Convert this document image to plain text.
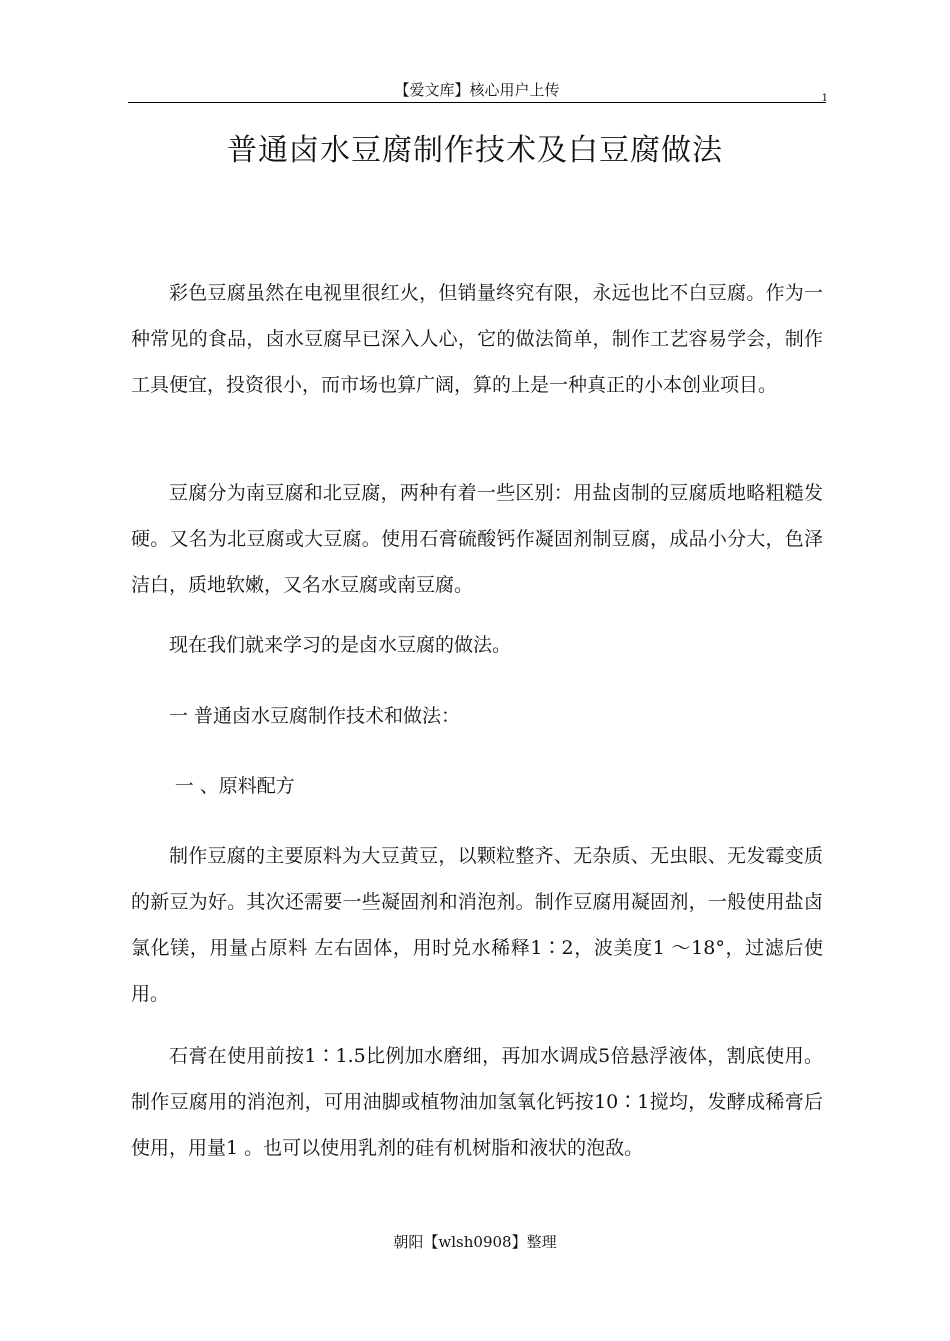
【爱文库】核心用户上传	1
普通卤水豆腐制作技术及白豆腐做法

彩色豆腐虽然在电视里很红火，但销量终究有限，永远也比不白豆腐。作为一种常见的食品，卤水豆腐早已深入人心，它的做法简单，制作工艺容易学会，制作工具便宜，投资很小，而市场也算广阔，算的上是一种真正的小本创业项目。

豆腐分为南豆腐和北豆腐，两种有着一些区别：用盐卤制的豆腐质地略粗糙发硬。又名为北豆腐或大豆腐。使用石膏硫酸钙作凝固剂制豆腐，成品小分大，色泽洁白，质地软嫩，又名水豆腐或南豆腐。

现在我们就来学习的是卤水豆腐的做法。

一 普通卤水豆腐制作技术和做法：

一 、原料配方

制作豆腐的主要原料为大豆黄豆，以颗粒整齐、无杂质、无虫眼、无发霉变质的新豆为好。其次还需要一些凝固剂和消泡剂。制作豆腐用凝固剂，一般使用盐卤氯化镁，用量占原料 左右固体，用时兑水稀释1∶2，波美度1 ～18°，过滤后使用。

石膏在使用前按1∶1.5比例加水磨细，再加水调成5倍悬浮液体，割底使用。制作豆腐用的消泡剂，可用油脚或植物油加氢氧化钙按10∶1搅均，发酵成稀膏后使用，用量1 。也可以使用乳剂的硅有机树脂和液状的泡敌。

朝阳【wlsh0908】整理
